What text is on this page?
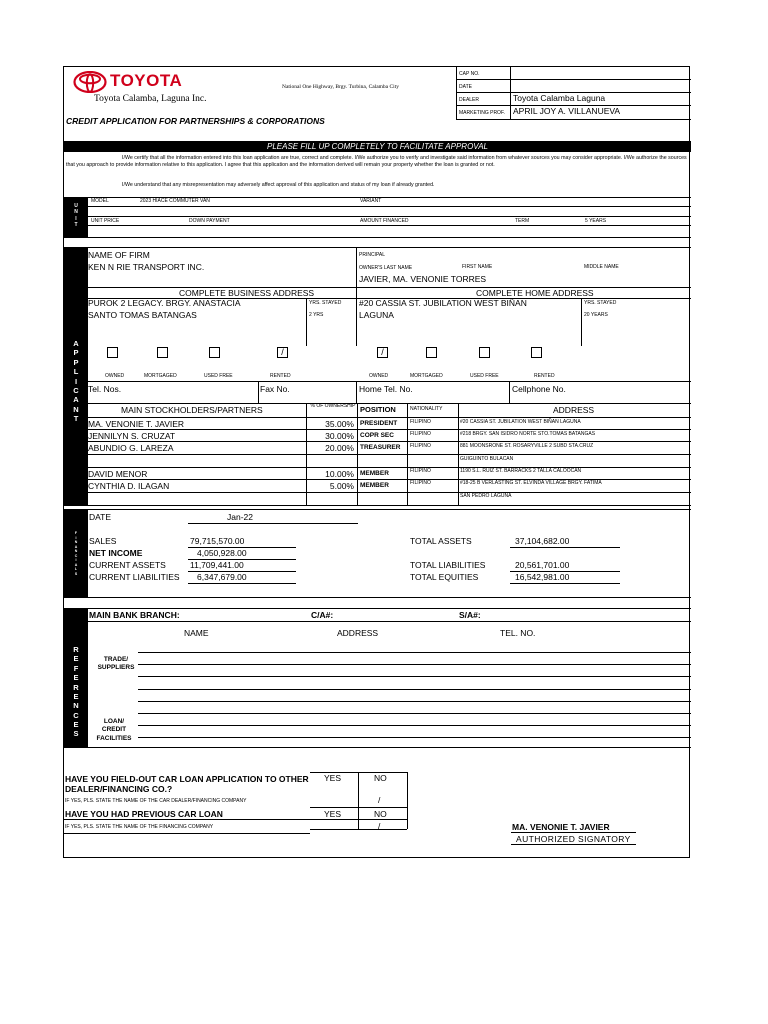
TOYOTA
Toyota Calamba, Laguna Inc.
National One Highway, Brgy. Turbina, Calamba City
CAP NO.
DATE
DEALER	Toyota Calamba Laguna
MARKETING PROF. APRIL JOY A. VILLANUEVA
CREDIT APPLICATION FOR PARTNERSHIPS & CORPORATIONS
PLEASE FILL UP COMPLETELY TO FACILITATE APPROVAL
I/We certify that all the information entered into this loan application are true, correct and complete. I/We authorize you to verify and investigate said information from whatever sources you may consider appropriate. I/We authorize the sources that you approach to provide information relative to this application. I agree that this application and the information derived will remain your property whether the loan is granted or not.
I/We understand that any misrepresentation may adversely affect approval of this application and status of my loan if already granted.
U
N
I
T
MODEL	2023 HIACE COMMUTER VAN	VARIANT
UNIT PRICE	DOWN PAYMENT	AMOUNT FINANCED	TERM	5 YEARS
A
P
P
L
I
C
A
N
T
NAME OF FIRM
KEN N RIE TRANSPORT INC.
PRINCIPAL
OWNER'S LAST NAME	FIRST NAME	MIDDLE NAME
JAVIER, MA. VENONIE TORRES
COMPLETE BUSINESS ADDRESS	COMPLETE HOME ADDRESS
PUROK 2 LEGACY. BRGY. ANASTACIA
SANTO TOMAS BATANGAS
YRS. STAYED
2 YRS
#20 CASSIA ST. JUBILATION WEST BIÑAN
LAGUNA
YRS. STAYED
20 YEARS
/	/
OWNED	MORTGAGED	USED FREE	RENTED	OWNED	MORTGAGED	USED FREE	RENTED
Tel. Nos.	Fax No.	Home Tel. No.	Cellphone No.
MAIN STOCKHOLDERS/PARTNERS	% OF OWNERSHIP POSITION	NATIONALITY	ADDRESS
MA. VENONIE T. JAVIER	35.00% PRESIDENT	FILIPINO	#20 CASSIA ST. JUBILATION WEST BIÑAN LAGUNA
JENNILYN S. CRUZAT	30.00% COPR SEC	FILIPINO	#218 BRGY. SAN ISIDRO NORTE STO.TOMAS BATANGAS
ABUNDIO G. LAREZA	20.00% TREASURER FILIPINO	881 MOONSRONE ST. ROSARYVILLE 2 SUBD STA.CRUZ
GUIGUINTO BULACAN
DAVID MENOR	10.00% MEMBER	FILIPINO	1190 S.L. RUIZ ST. BARRACKS 2 TALLA CALOOCAN
CYNTHIA D. ILAGAN	5.00% MEMBER	FILIPINO	#18-25 B VERLASTING ST. ELVINDA VILLAGE BRGY. FATIMA
SAN PEDRO LAGUNA
F
I
N
A
N
C
I
A
L
S
DATE	Jan-22
SALES	79,715,570.00
NET INCOME	4,050,928.00
CURRENT ASSETS	11,709,441.00
CURRENT LIABILITIES 6,347,679.00
TOTAL ASSETS	37,104,682.00
TOTAL LIABILITIES	20,561,701.00
TOTAL EQUITIES	16,542,981.00
R
E
F
E
R
E
N
C
E
S
MAIN BANK BRANCH:	C/A#:	S/A#:
NAME	ADDRESS	TEL. NO.
TRADE/ SUPPLIERS
LOAN/ CREDIT FACILITIES
HAVE YOU FIELD-OUT CAR LOAN APPLICATION TO OTHER DEALER/FINANCING CO.?
YES	NO
IF YES, PLS. STATE THE NAME OF THE CAR DEALER/FINANCING COMPANY	/
HAVE YOU HAD PREVIOUS CAR LOAN	YES	NO
IF YES, PLS. STATE THE NAME OF THE FINANCING COMPANY	/	MA. VENONIE T. JAVIER
AUTHORIZED SIGNATORY
